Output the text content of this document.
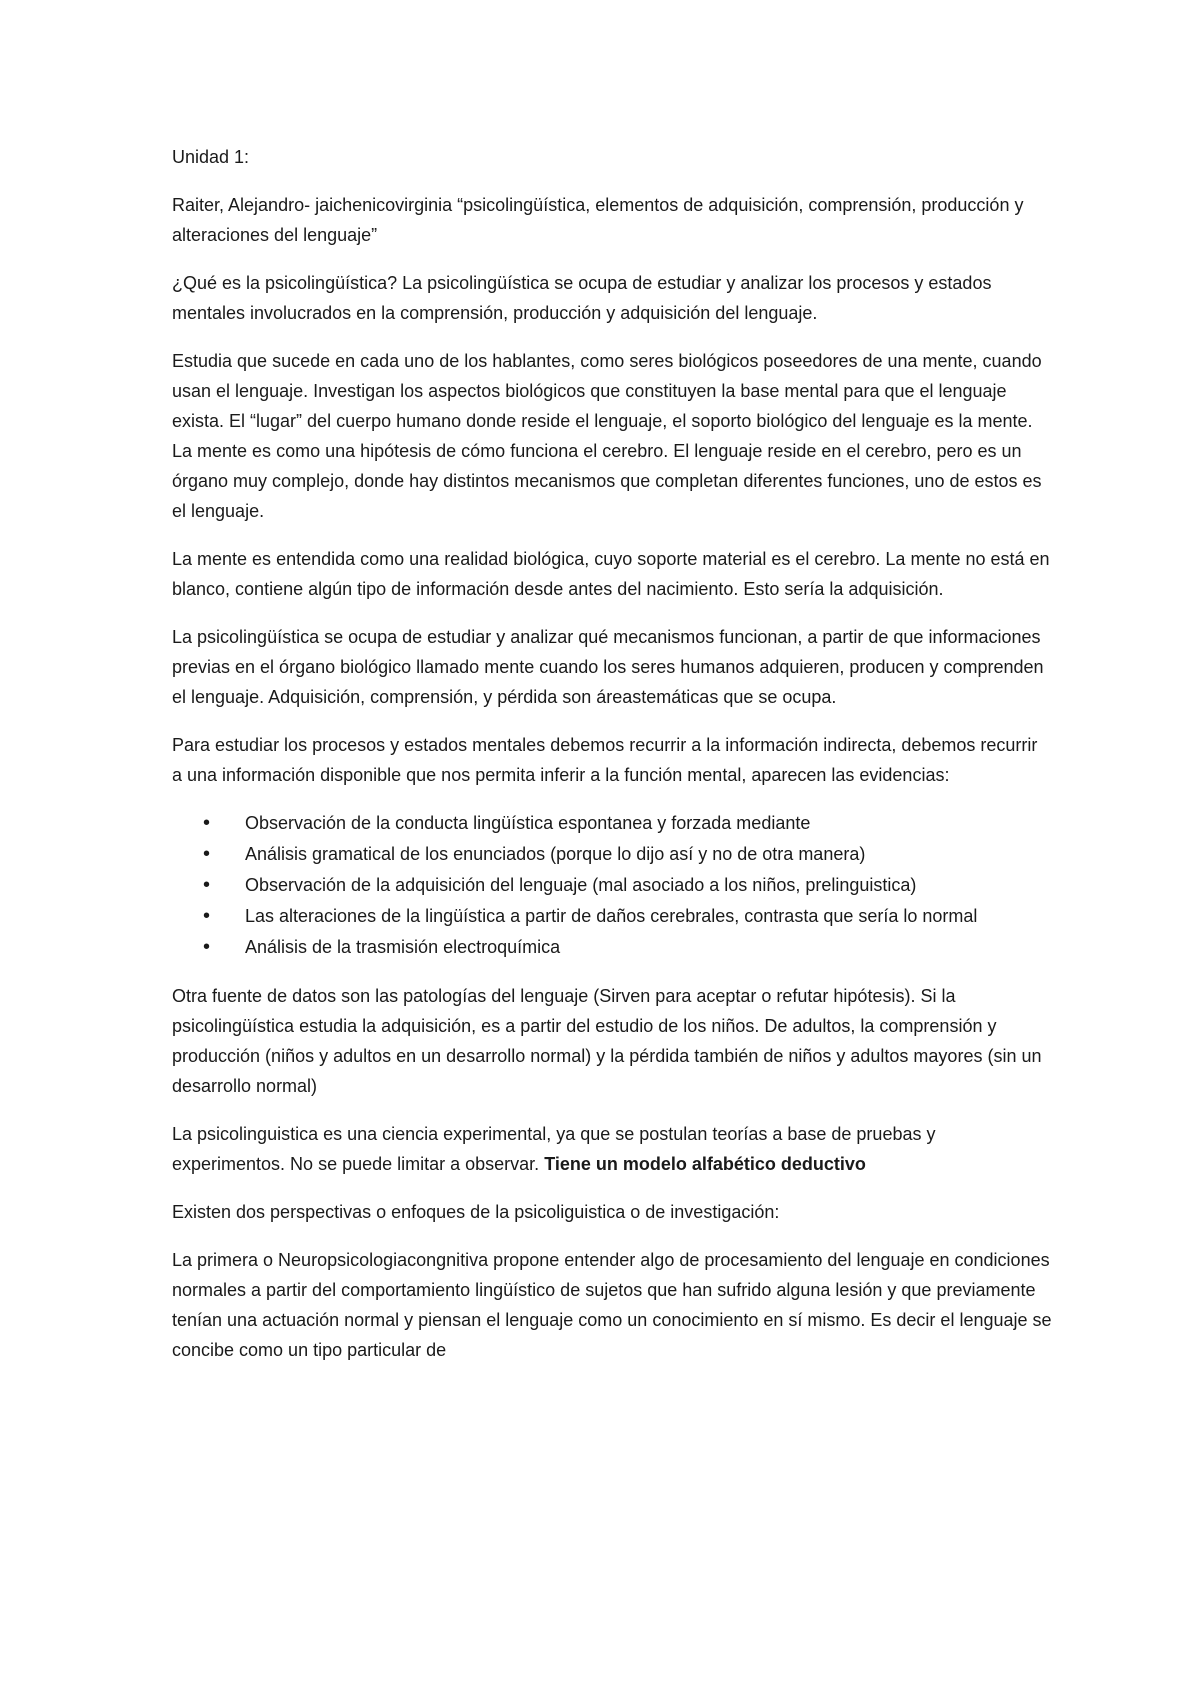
Unidad 1:

Raiter, Alejandro- jaichenicovirginia “psicolingüística, elementos de adquisición, comprensión, producción y alteraciones del lenguaje”

¿Qué es la psicolingüística? La psicolingüística se ocupa de estudiar y analizar los procesos y estados mentales involucrados en la comprensión, producción y adquisición del lenguaje.

Estudia que sucede en cada uno de los hablantes, como seres biológicos poseedores de una mente, cuando usan el lenguaje. Investigan los aspectos biológicos que constituyen la base mental para que el lenguaje exista. El “lugar” del cuerpo humano donde reside el lenguaje, el soporto biológico del lenguaje es la mente. La mente es como una hipótesis de cómo funciona el cerebro. El lenguaje reside en el cerebro, pero es un órgano muy complejo, donde hay distintos mecanismos que completan diferentes funciones, uno de estos es el lenguaje.

La mente es entendida como una realidad biológica, cuyo soporte material es el cerebro. La mente no está en blanco, contiene algún tipo de información desde antes del nacimiento. Esto sería la adquisición.

La psicolingüística se ocupa de estudiar y analizar qué mecanismos funcionan, a partir de que informaciones previas en el órgano biológico llamado mente cuando los seres humanos adquieren, producen y comprenden el lenguaje. Adquisición, comprensión, y pérdida son áreastemáticas que se ocupa.

Para estudiar los procesos y estados mentales debemos recurrir a la información indirecta, debemos recurrir a una información disponible que nos permita inferir a la función mental, aparecen las evidencias:

• Observación de la conducta lingüística espontanea y forzada mediante
• Análisis gramatical de los enunciados (porque lo dijo así y no de otra manera)
• Observación de la adquisición del lenguaje (mal asociado a los niños, prelinguistica)
• Las alteraciones de la lingüística a partir de daños cerebrales, contrasta que sería lo normal
• Análisis de la trasmisión electroquímica

Otra fuente de datos son las patologías del lenguaje (Sirven para aceptar o refutar hipótesis). Si la psicolingüística estudia la adquisición, es a partir del estudio de los niños. De adultos, la comprensión y producción (niños y adultos en un desarrollo normal) y la pérdida también de niños y adultos mayores (sin un desarrollo normal)

La psicolinguistica es una ciencia experimental, ya que se postulan teorías a base de pruebas y experimentos. No se puede limitar a observar. Tiene un modelo alfabético deductivo

Existen dos perspectivas o enfoques de la psicoliguistica o de investigación:

La primera o Neuropsicologiacongnitiva propone entender algo de procesamiento del lenguaje en condiciones normales a partir del comportamiento lingüístico de sujetos que han sufrido alguna lesión y que previamente tenían una actuación normal y piensan el lenguaje como un conocimiento en sí mismo. Es decir el lenguaje se concibe como un tipo particular de
